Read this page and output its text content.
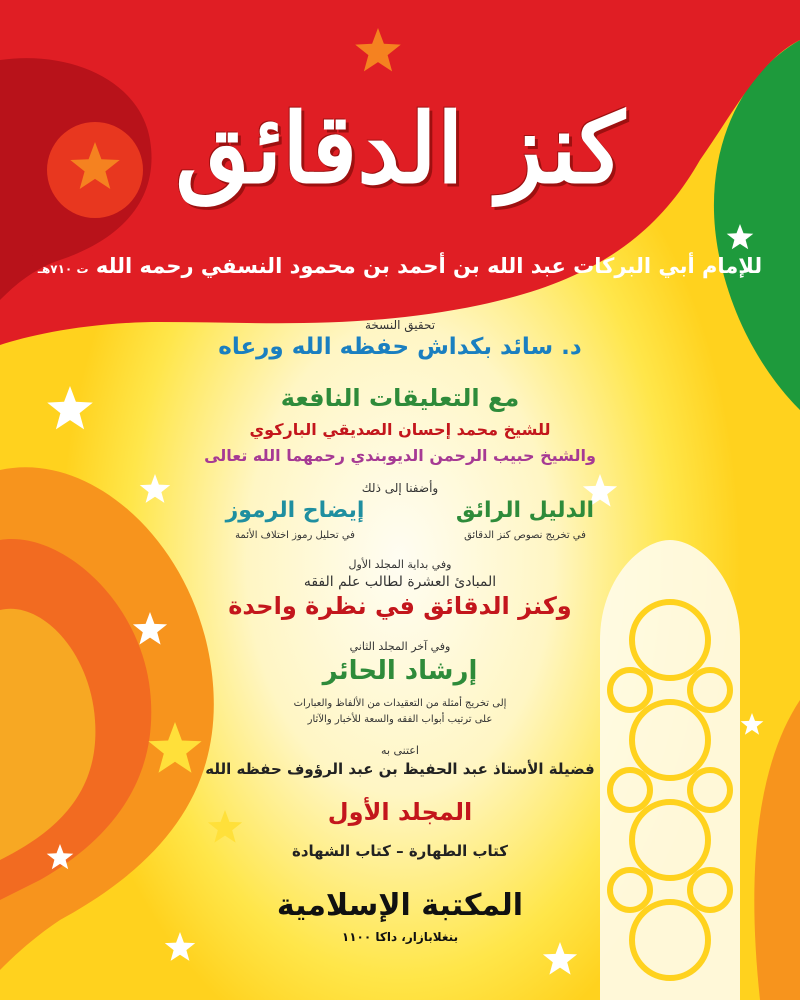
كنز الدقائق
للإمام أبي البركات عبد الله بن أحمد بن محمود النسفي رحمه الله ت ٧١٠هـ
تحقيق النسخة
د. سائد بكداش حفظه الله ورعاه
مع التعليقات النافعة
للشيخ محمد إحسان الصديقي الباركوي
والشيخ حبيب الرحمن الديوبندي رحمهما الله تعالى
وأضفنا إلى ذلك
الدليل الرائق
في تخريج نصوص كنز الدقائق
إيضاح الرموز
في تحليل رموز اختلاف الأئمة
وفي بداية المجلد الأول
المبادئ العشرة لطالب علم الفقه
وكنز الدقائق في نظرة واحدة
وفي آخر المجلد الثاني
إرشاد الحائر
إلى تخريج أمثلة من التعقيدات من الألفاظ والعبارات
على ترتيب أبواب الفقه والسعة للأخبار والآثار
اعتنى به
فضيلة الأستاذ عبد الحفيظ بن عبد الرؤوف حفظه الله
المجلد الأول
كتاب الطهارة – كتاب الشهادة
المكتبة الإسلامية
بنغلابازار، داكا ١١٠٠
